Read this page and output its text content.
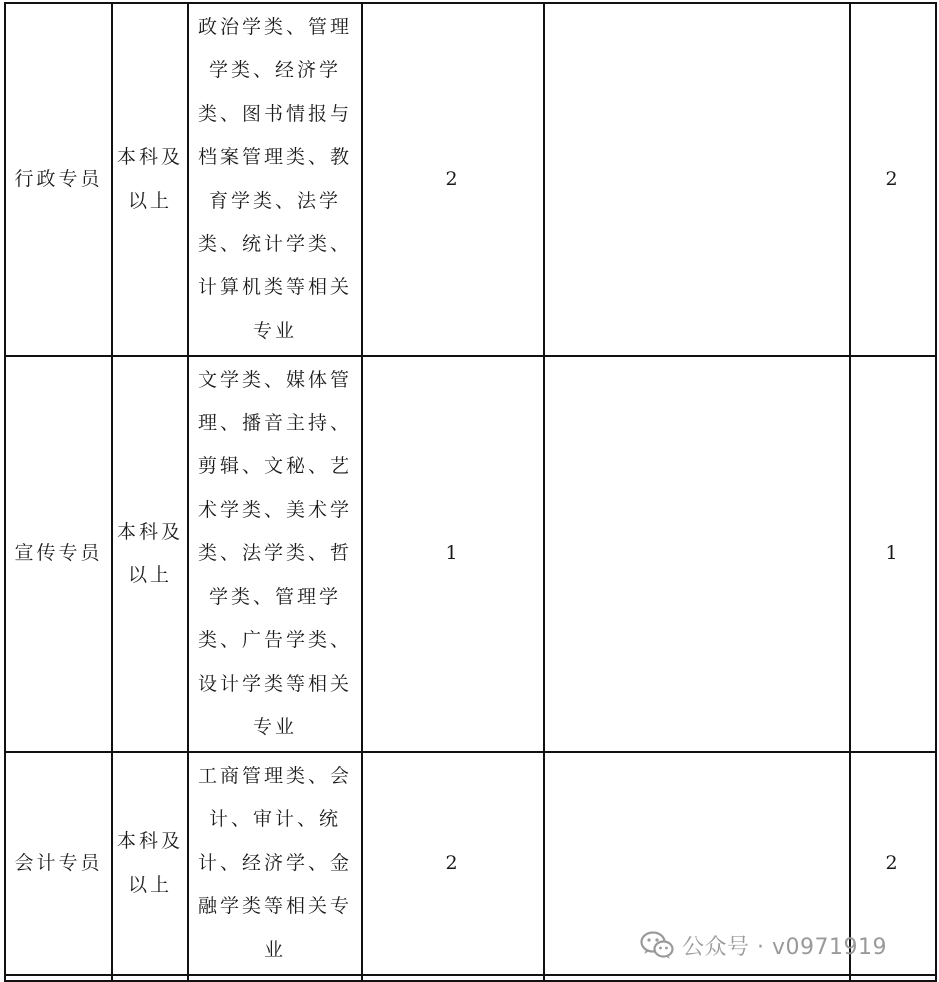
行政专员	本科及以上	政治学类、管理学类、经济学类、图书情报与档案管理类、教育学类、法学类、统计学类、计算机类等相关专业	2		2
宣传专员	本科及以上	文学类、媒体管理、播音主持、剪辑、文秘、艺术学类、美术学类、法学类、哲学类、管理学类、广告学类、设计学类等相关专业	1		1
会计专员	本科及以上	工商管理类、会计、审计、统计、经济学、金融学类等相关专业	2		2

公众号 · v0971919
